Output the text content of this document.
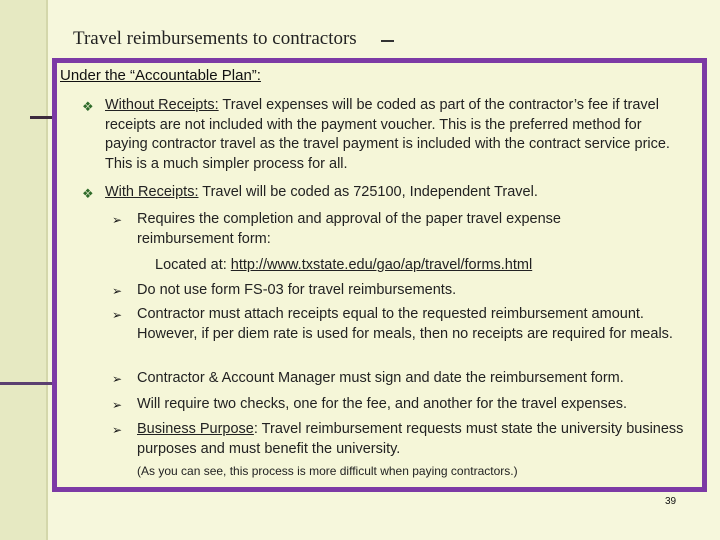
Travel reimbursements to contractors
Under the “Accountable Plan”:
❖ Without Receipts: Travel expenses will be coded as part of the contractor’s fee if travel receipts are not included with the payment voucher. This is the preferred method for paying contractor travel as the travel payment is included with the contract service price. This is a much simpler process for all.
❖ With Receipts: Travel will be coded as 725100, Independent Travel.
➢ Requires the completion and approval of the paper travel expense reimbursement form:
Located at: http://www.txstate.edu/gao/ap/travel/forms.html
➢ Do not use form FS-03 for travel reimbursements.
➢ Contractor must attach receipts equal to the requested reimbursement amount. However, if per diem rate is used for meals, then no receipts are required for meals.
➢ Contractor & Account Manager must sign and date the reimbursement form.
➢ Will require two checks, one for the fee, and another for the travel expenses.
➢ Business Purpose: Travel reimbursement requests must state the university business purposes and must benefit the university.
(As you can see, this process is more difficult when paying contractors.)
39
